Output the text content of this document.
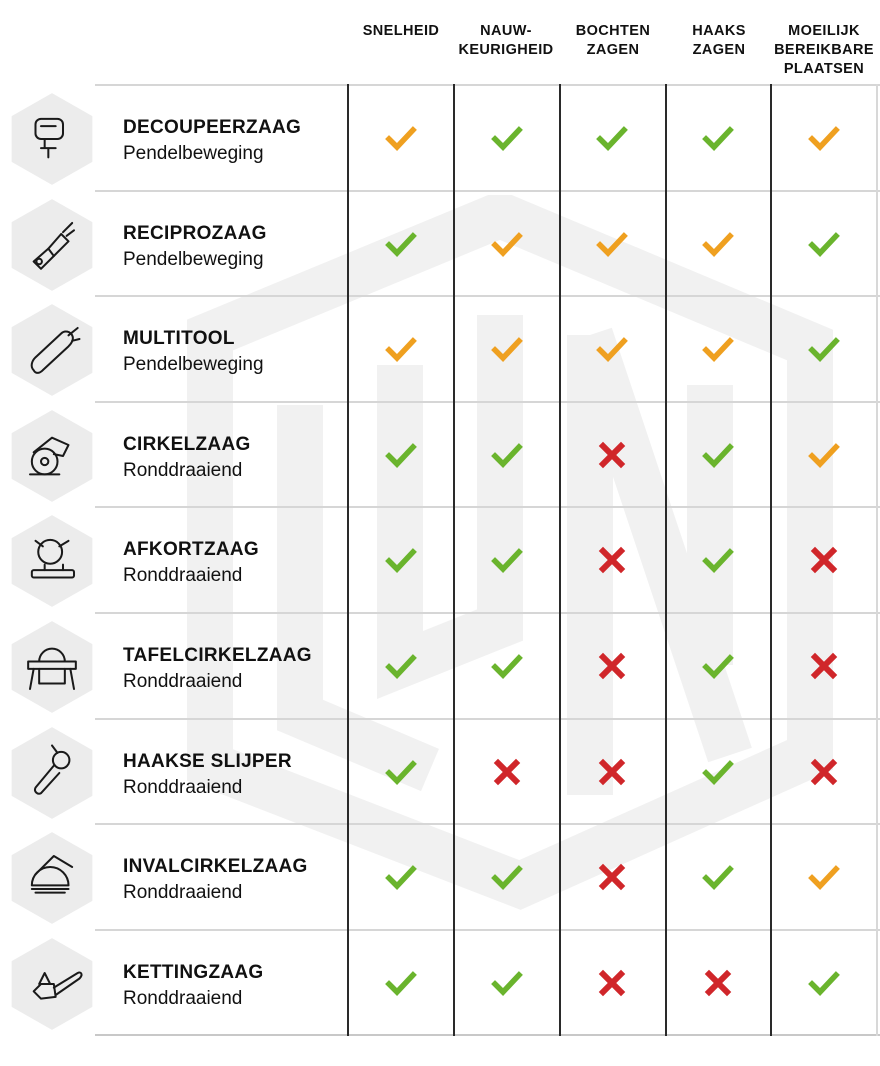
SNELHEID	NAUW-
KEURIGHEID
BOCHTEN
ZAGEN
HAAKS
ZAGEN
MOEILIJK
BEREIKBARE
PLAATSEN
DECOUPEERZAAG
Pendelbeweging
RECIPROZAAG
Pendelbeweging
MULTITOOL
Pendelbeweging
CIRKELZAAG
Ronddraaiend
AFKORTZAAG
Ronddraaiend
TAFELCIRKELZAAG
Ronddraaiend
HAAKSE SLIJPER
Ronddraaiend
INVALCIRKELZAAG
Ronddraaiend
KETTINGZAAG
Ronddraaiend
